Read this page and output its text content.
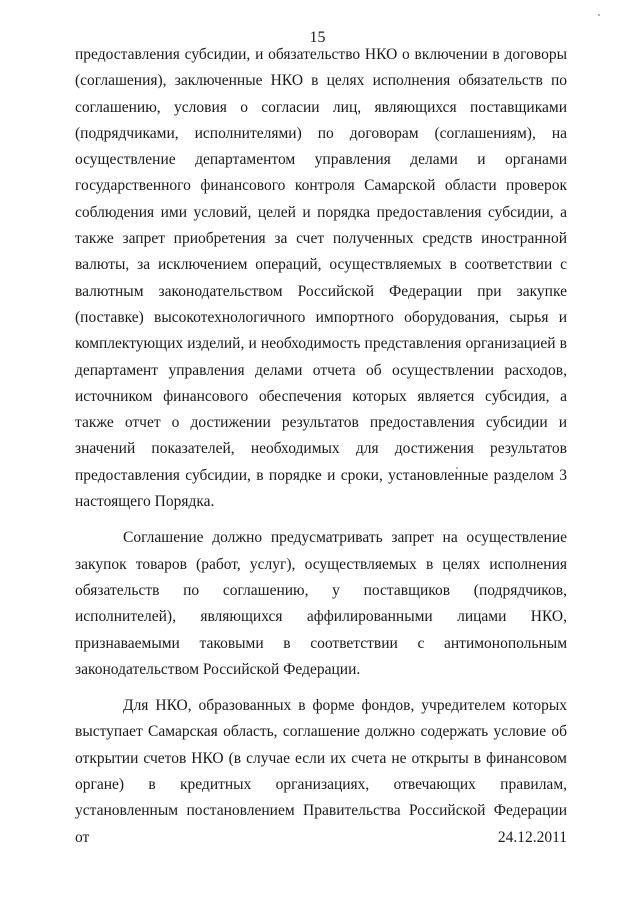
15

предоставления субсидии, и обязательство НКО о включении в договоры (соглашения), заключенные НКО в целях исполнения обязательств по соглашению, условия о согласии лиц, являющихся поставщиками (подрядчиками, исполнителями) по договорам (соглашениям), на осуществление департаментом управления делами и органами государственного финансового контроля Самарской области проверок соблюдения ими условий, целей и порядка предоставления субсидии, а также запрет приобретения за счет полученных средств иностранной валюты, за исключением операций, осуществляемых в соответствии с валютным законодательством Российской Федерации при закупке (поставке) высокотехнологичного импортного оборудования, сырья и комплектующих изделий, и необходимость представления организацией в департамент управления делами отчета об осуществлении расходов, источником финансового обеспечения которых является субсидия, а также отчет о достижении результатов предоставления субсидии и значений показателей, необходимых для достижения результатов предоставления субсидии, в порядке и сроки, установленные разделом 3 настоящего Порядка.

Соглашение должно предусматривать запрет на осуществление закупок товаров (работ, услуг), осуществляемых в целях исполнения обязательств по соглашению, у поставщиков (подрядчиков, исполнителей), являющихся аффилированными лицами НКО, признаваемыми таковыми в соответствии с антимонопольным законодательством Российской Федерации.

Для НКО, образованных в форме фондов, учредителем которых выступает Самарская область, соглашение должно содержать условие об открытии счетов НКО (в случае если их счета не открыты в финансовом органе) в кредитных организациях, отвечающих правилам, установленным постановлением Правительства Российской Федерации от 24.12.2011
